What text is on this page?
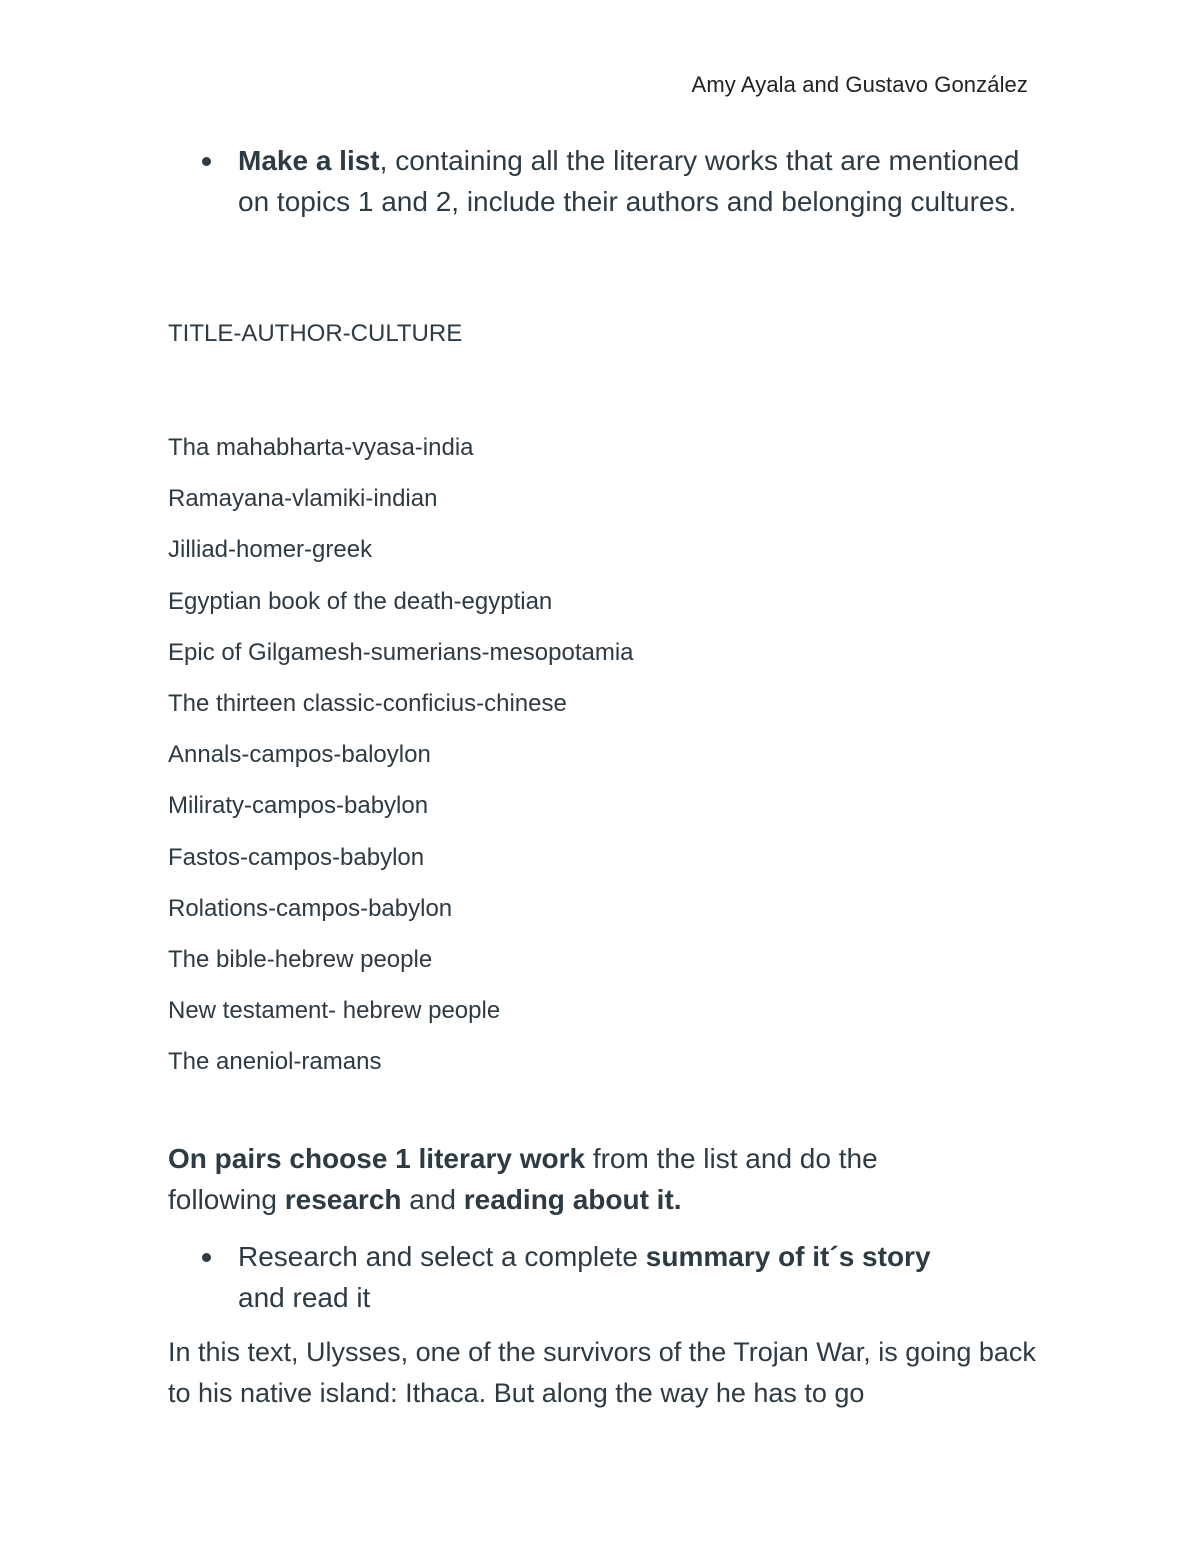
Amy Ayala and Gustavo González
Make a list, containing all the literary works that are mentioned on topics 1 and 2, include their authors and belonging cultures.
TITLE-AUTHOR-CULTURE
Tha mahabharta-vyasa-india
Ramayana-vlamiki-indian
Jilliad-homer-greek
Egyptian book of the death-egyptian
Epic of Gilgamesh-sumerians-mesopotamia
The thirteen classic-conficius-chinese
Annals-campos-baloylon
Miliraty-campos-babylon
Fastos-campos-babylon
Rolations-campos-babylon
The bible-hebrew people
New testament- hebrew people
The aneniol-ramans
On pairs choose 1 literary work from the list and do the following research and reading about it.
Research and select a complete summary of it´s story and read it
In this text, Ulysses, one of the survivors of the Trojan War, is going back to his native island: Ithaca. But along the way he has to go
